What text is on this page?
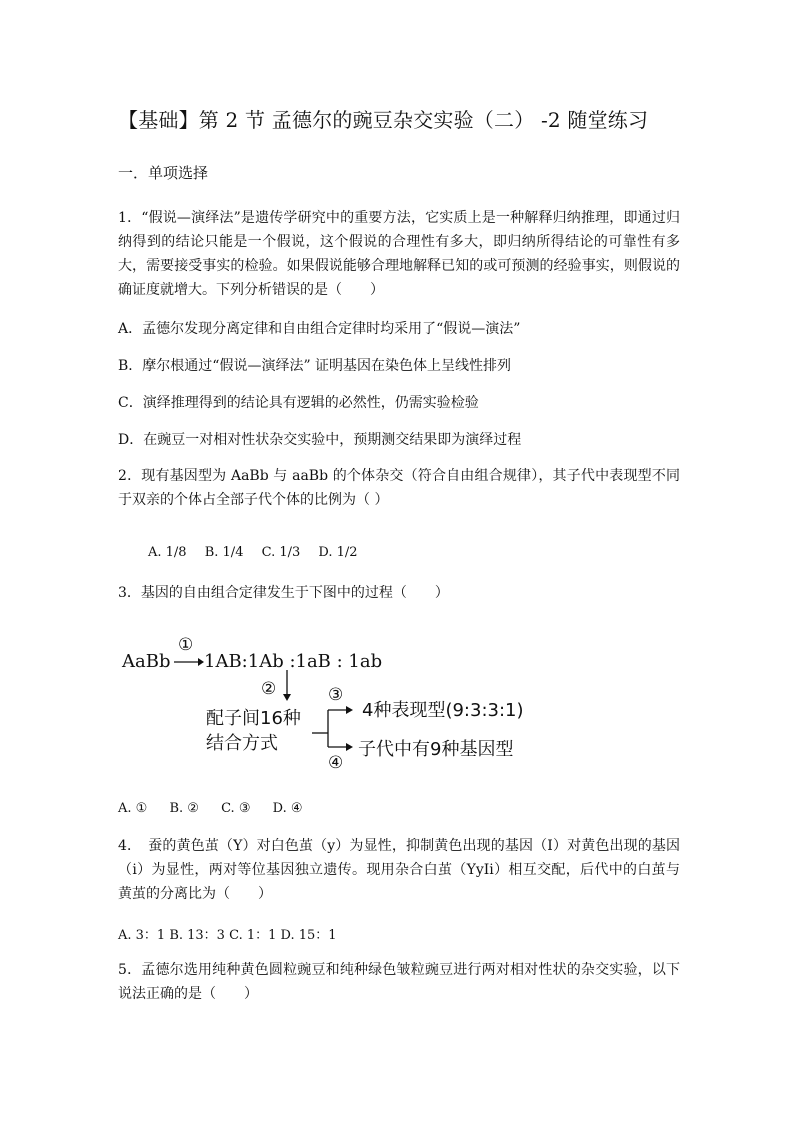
【基础】第 2 节 孟德尔的豌豆杂交实验（二） -2 随堂练习
一．单项选择
1．“假说—演绎法”是遗传学研究中的重要方法，它实质上是一种解释归纳推理，即通过归纳得到的结论只能是一个假说，这个假说的合理性有多大，即归纳所得结论的可靠性有多大，需要接受事实的检验。如果假说能够合理地解释已知的或可预测的经验事实，则假说的确证度就增大。下列分析错误的是（　　）
A．孟德尔发现分离定律和自由组合定律时均采用了“假说—演法”
B．摩尔根通过“假说—演绎法” 证明基因在染色体上呈线性排列
C．演绎推理得到的结论具有逻辑的必然性，仍需实验检验
D．在豌豆一对相对性状杂交实验中，预期测交结果即为演绎过程
2．现有基因型为 AaBb 与 aaBb 的个体杂交（符合自由组合规律），其子代中表现型不同于双亲的个体占全部子代个体的比例为（ ）
A. 1/8 B. 1/4 C. 1/3 D. 1/2
3．基因的自由组合定律发生于下图中的过程（　　）
AaBb
①
1AB:1Ab :1aB : 1ab
②
配子间16种
结合方式
③
④
4种表现型(9:3:3:1)
子代中有9种基因型
A. ① B. ② C. ③ D. ④
4．　蚕的黄色茧（Y）对白色茧（y）为显性，抑制黄色出现的基因（I）对黄色出现的基因（i）为显性，两对等位基因独立遗传。现用杂合白茧（YyIi）相互交配，后代中的白茧与黄茧的分离比为（　　）
A. 3：1 B. 13：3 C. 1：1 D. 15：1
5．孟德尔选用纯种黄色圆粒豌豆和纯种绿色皱粒豌豆进行两对相对性状的杂交实验，以下说法正确的是（　　）
